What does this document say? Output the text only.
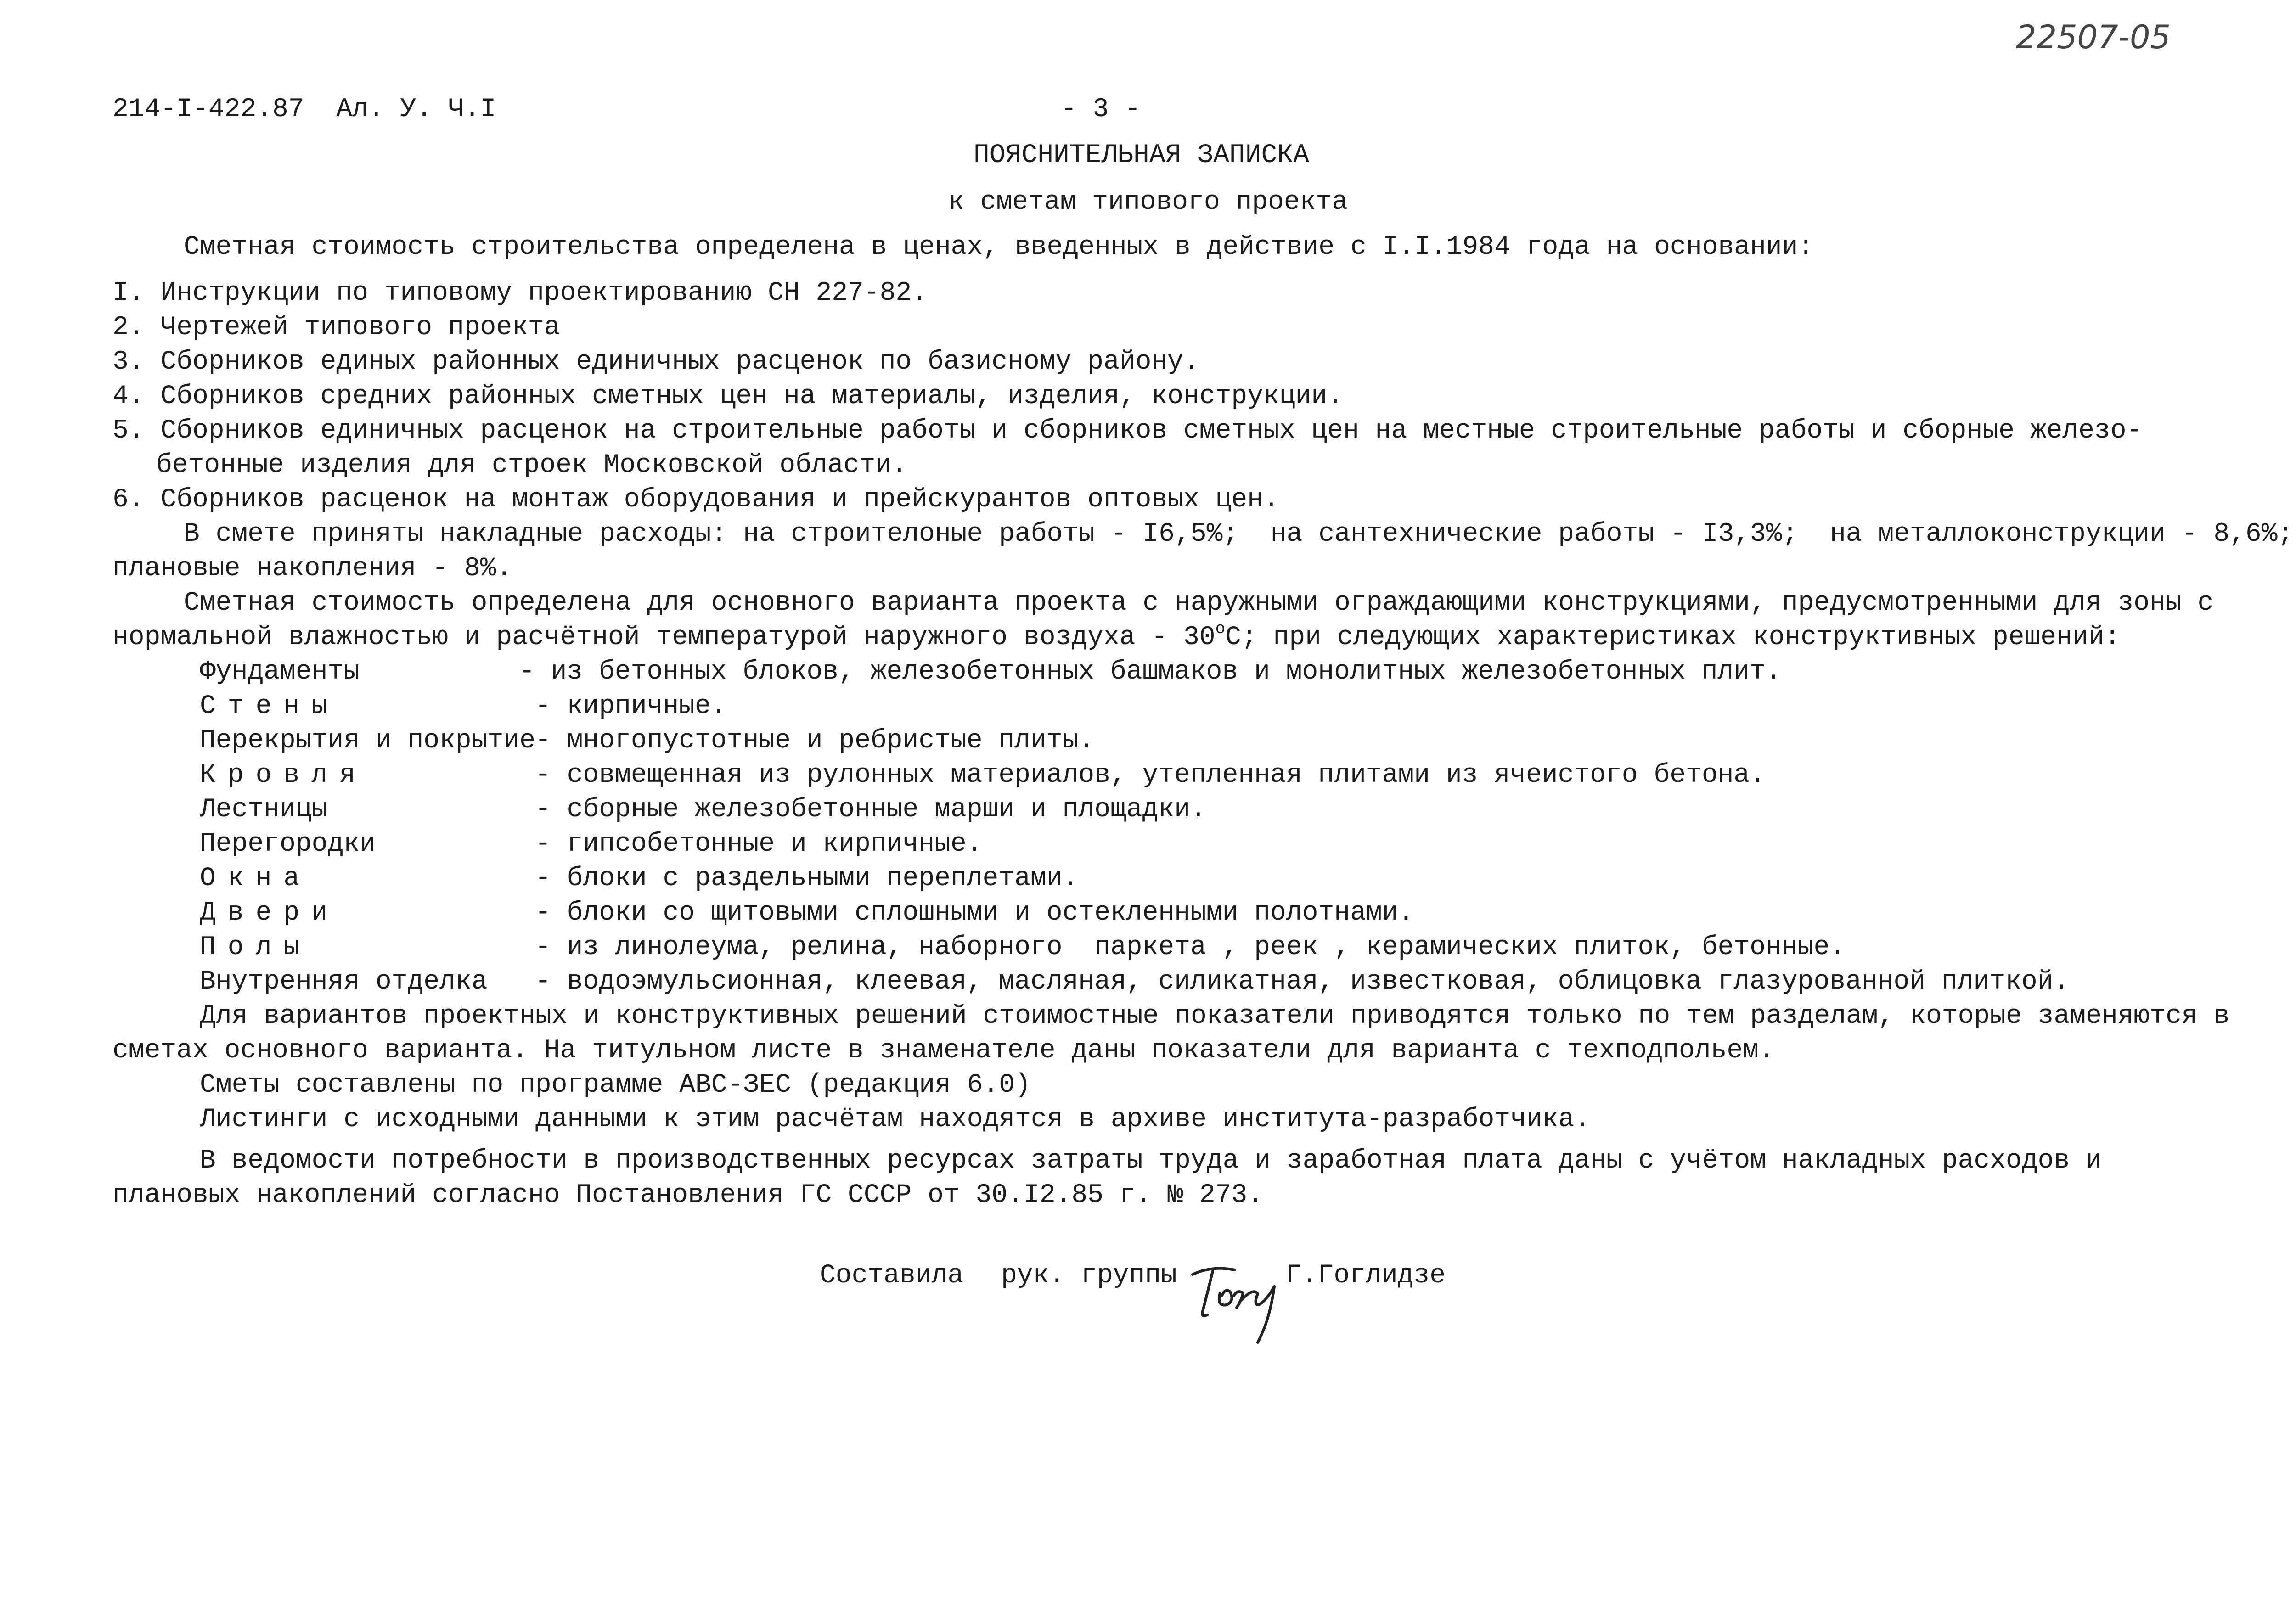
22507-05
214-I-422.87  Ал. У. Ч.I	- 3 -
ПОЯСНИТЕЛЬНАЯ ЗАПИСКА
к сметам типового проекта
Сметная стоимость строительства определена в ценах, введенных в действие с I.I.1984 года на основании:
I. Инструкции по типовому проектированию СН 227-82.
2. Чертежей типового проекта
3. Сборников единых районных единичных расценок по базисному району.
4. Сборников средних районных сметных цен на материалы, изделия, конструкции.
5. Сборников единичных расценок на строительные работы и сборников сметных цен на местные строительные работы и сборные железо-
бетонные изделия для строек Московской области.
6. Сборников расценок на монтаж оборудования и прейскурантов оптовых цен.
В смете приняты накладные расходы: на строителоные работы - I6,5%;  на сантехнические работы - I3,3%;  на металлоконструкции - 8,6%;
плановые накопления - 8%.
Сметная стоимость определена для основного варианта проекта с наружными ограждающими конструкциями, предусмотренными для зоны с
нормальной влажностью и расчётной температурой наружного воздуха - $30^оС$; при следующих характеристиках конструктивных решений:
Фундаменты	- из бетонных блоков, железобетонных башмаков и монолитных железобетонных плит.
Стены	- кирпичные.
Перекрытия и покрытие - многопустотные и ребристые плиты.
Кровля	- совмещенная из рулонных материалов, утепленная плитами из ячеистого бетона.
Лестницы	- сборные железобетонные марши и площадки.
Перегородки	- гипсобетонные и кирпичные.
Окна	- блоки с раздельными переплетами.
Двери	- блоки со щитовыми сплошными и остекленными полотнами.
Полы	- из линолеума, релина, наборного  паркета , реек , керамических плиток, бетонные.
Внутренняя отделка - водоэмульсионная, клеевая, масляная, силикатная, известковая, облицовка глазурованной плиткой.
Для вариантов проектных и конструктивных решений стоимостные показатели приводятся только по тем разделам, которые заменяются в
сметах основного варианта. На титульном листе в знаменателе даны показатели для варианта с техподпольем.
Сметы составлены по программе АВС-ЗЕС (редакция 6.0)
Листинги с исходными данными к этим расчётам находятся в архиве института-разработчика.
В ведомости потребности в производственных ресурсах затраты труда и заработная плата даны с учётом накладных расходов и
плановых накоплений согласно Постановления ГС СССР от 30.I2.85 г. № 273.
Составила рук. группы

	Г.Гоглидзе
